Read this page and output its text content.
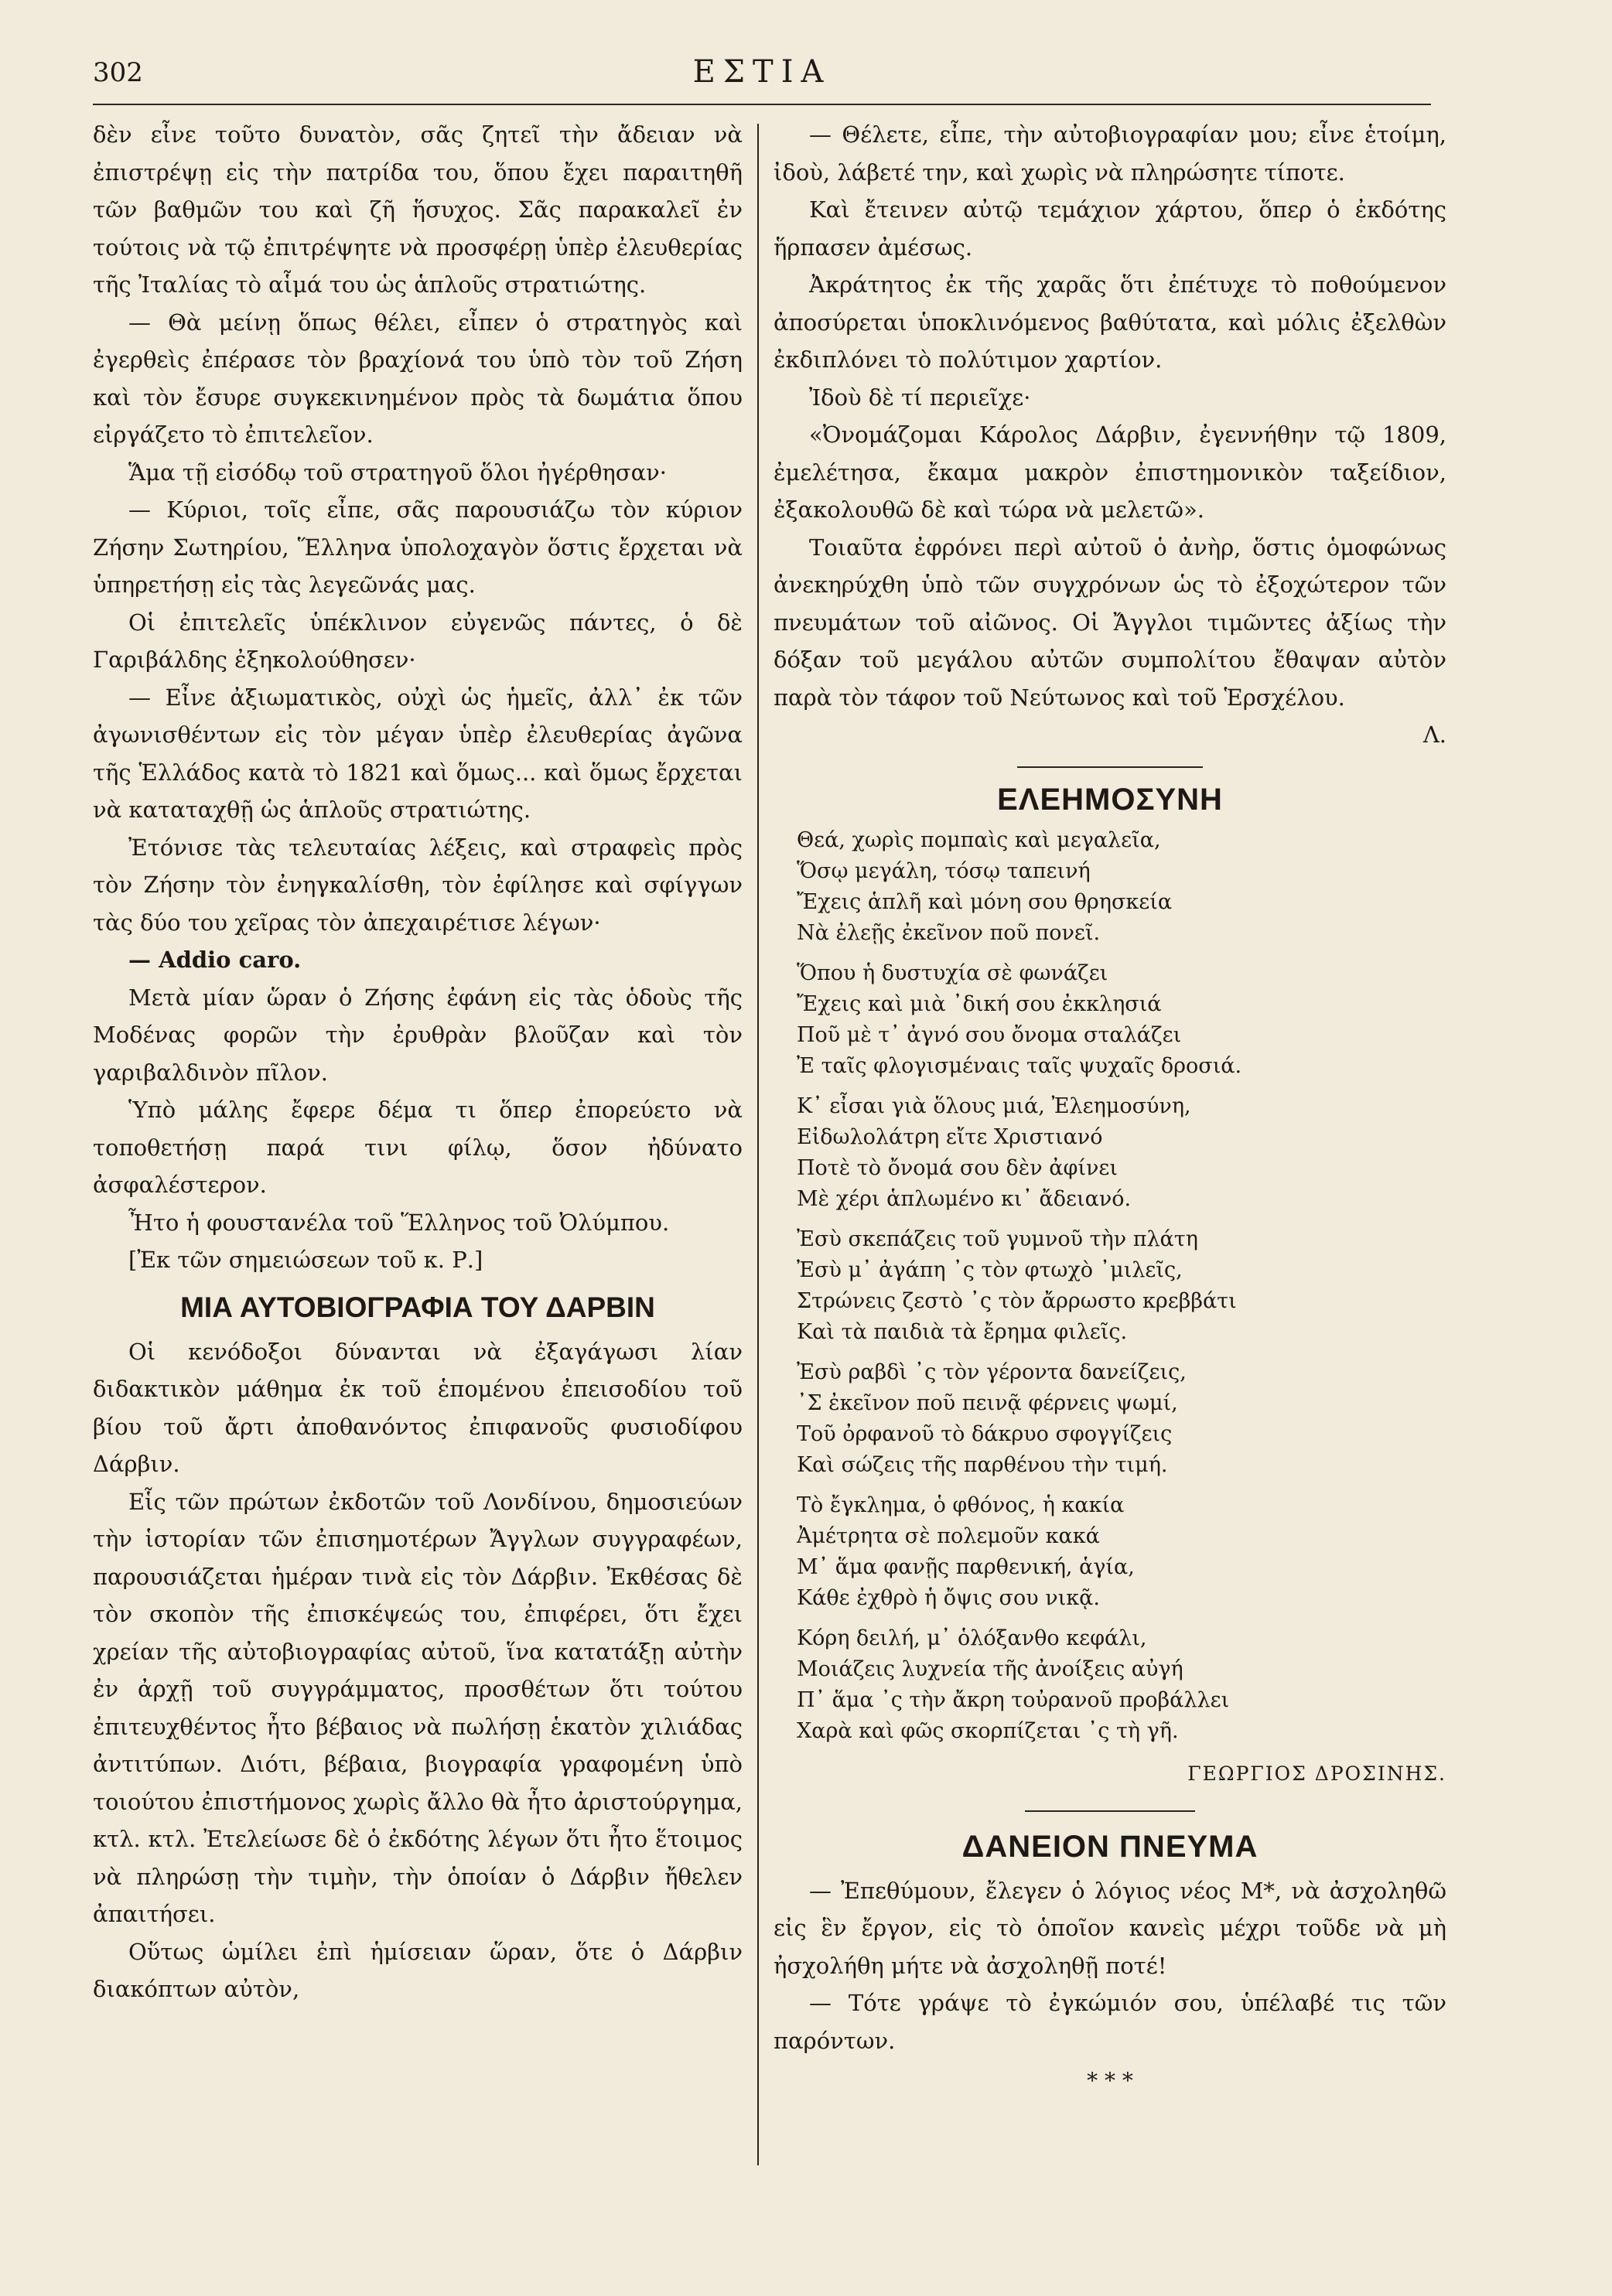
302	ΕΣΤΙΑ

δὲν εἶνε τοῦτο δυνατὸν, σᾶς ζητεῖ τὴν ἄδειαν νὰ ἐπιστρέψῃ εἰς τὴν πατρίδα του, ὅπου ἔχει παραιτηθῆ τῶν βαθμῶν του καὶ ζῆ ἥσυχος. Σᾶς παρακαλεῖ ἐν τούτοις νὰ τῷ ἐπιτρέψητε νὰ προσφέρῃ ὑπὲρ ἐλευθερίας τῆς Ἰταλίας τὸ αἷμά του ὡς ἁπλοῦς στρατιώτης.

— Θὰ μείνῃ ὅπως θέλει, εἶπεν ὁ στρατηγὸς καὶ ἐγερθεὶς ἐπέρασε τὸν βραχίονά του ὑπὸ τὸν τοῦ Ζήση καὶ τὸν ἔσυρε συγκεκινημένον πρὸς τὰ δωμάτια ὅπου εἰργάζετο τὸ ἐπιτελεῖον.

Ἅμα τῇ εἰσόδῳ τοῦ στρατηγοῦ ὅλοι ἠγέρθησαν·

— Κύριοι, τοῖς εἶπε, σᾶς παρουσιάζω τὸν κύριον Ζήσην Σωτηρίου, Ἕλληνα ὑπολοχαγὸν ὅστις ἔρχεται νὰ ὑπηρετήσῃ εἰς τὰς λεγεῶνάς μας.

Οἱ ἐπιτελεῖς ὑπέκλινον εὐγενῶς πάντες, ὁ δὲ Γαριβάλδης ἐξηκολούθησεν·

— Εἶνε ἀξιωματικὸς, οὐχὶ ὡς ἡμεῖς, ἀλλ᾽ ἐκ τῶν ἀγωνισθέντων εἰς τὸν μέγαν ὑπὲρ ἐλευθερίας ἀγῶνα τῆς Ἑλλάδος κατὰ τὸ 1821 καὶ ὅμως... καὶ ὅμως ἔρχεται νὰ καταταχθῇ ὡς ἁπλοῦς στρατιώτης.

Ἐτόνισε τὰς τελευταίας λέξεις, καὶ στραφεὶς πρὸς τὸν Ζήσην τὸν ἐνηγκαλίσθη, τὸν ἐφίλησε καὶ σφίγγων τὰς δύο του χεῖρας τὸν ἀπεχαιρέτισε λέγων·

— Addio caro.

Μετὰ μίαν ὥραν ὁ Ζήσης ἐφάνη εἰς τὰς ὁδοὺς τῆς Μοδένας φορῶν τὴν ἐρυθρὰν βλοῦζαν καὶ τὸν γαριβαλδινὸν πῖλον.

Ὑπὸ μάλης ἔφερε δέμα τι ὅπερ ἐπορεύετο νὰ τοποθετήσῃ παρά τινι φίλῳ, ὅσον ἠδύνατο ἀσφαλέστερον.

Ἦτο ἡ φουστανέλα τοῦ Ἕλληνος τοῦ Ὀλύμπου.

[Ἐκ τῶν σημειώσεων τοῦ κ. Ρ.]

ΜΙΑ ΑΥΤΟΒΙΟΓΡΑΦΙΑ ΤΟΥ ΔΑΡΒΙΝ

Οἱ κενόδοξοι δύνανται νὰ ἐξαγάγωσι λίαν διδακτικὸν μάθημα ἐκ τοῦ ἑπομένου ἐπεισοδίου τοῦ βίου τοῦ ἄρτι ἀποθανόντος ἐπιφανοῦς φυσιοδίφου Δάρβιν.

Εἷς τῶν πρώτων ἐκδοτῶν τοῦ Λονδίνου, δημοσιεύων τὴν ἱστορίαν τῶν ἐπισημοτέρων Ἄγγλων συγγραφέων, παρουσιάζεται ἡμέραν τινὰ εἰς τὸν Δάρβιν. Ἐκθέσας δὲ τὸν σκοπὸν τῆς ἐπισκέψεώς του, ἐπιφέρει, ὅτι ἔχει χρείαν τῆς αὐτοβιογραφίας αὐτοῦ, ἵνα κατατάξῃ αὐτὴν ἐν ἀρχῇ τοῦ συγγράμματος, προσθέτων ὅτι τούτου ἐπιτευχθέντος ἦτο βέβαιος νὰ πωλήσῃ ἑκατὸν χιλιάδας ἀντιτύπων. Διότι, βέβαια, βιογραφία γραφομένη ὑπὸ τοιούτου ἐπιστήμονος χωρὶς ἄλλο θὰ ἦτο ἀριστούργημα, κτλ. κτλ. Ἐτελείωσε δὲ ὁ ἐκδότης λέγων ὅτι ἦτο ἕτοιμος νὰ πληρώσῃ τὴν τιμὴν, τὴν ὁποίαν ὁ Δάρβιν ἤθελεν ἀπαιτήσει.

Οὕτως ὡμίλει ἐπὶ ἡμίσειαν ὥραν, ὅτε ὁ Δάρβιν διακόπτων αὐτὸν,

— Θέλετε, εἶπε, τὴν αὐτοβιογραφίαν μου; εἶνε ἑτοίμη, ἰδοὺ, λάβετέ την, καὶ χωρὶς νὰ πληρώσητε τίποτε.

Καὶ ἔτεινεν αὐτῷ τεμάχιον χάρτου, ὅπερ ὁ ἐκδότης ἥρπασεν ἀμέσως.

Ἀκράτητος ἐκ τῆς χαρᾶς ὅτι ἐπέτυχε τὸ ποθούμενον ἀποσύρεται ὑποκλινόμενος βαθύτατα, καὶ μόλις ἐξελθὼν ἐκδιπλόνει τὸ πολύτιμον χαρτίον.

Ἰδοὺ δὲ τί περιεῖχε·

«Ὀνομάζομαι Κάρολος Δάρβιν, ἐγεννήθην τῷ 1809, ἐμελέτησα, ἔκαμα μακρὸν ἐπιστημονικὸν ταξείδιον, ἐξακολουθῶ δὲ καὶ τώρα νὰ μελετῶ».

Τοιαῦτα ἐφρόνει περὶ αὐτοῦ ὁ ἀνὴρ, ὅστις ὁμοφώνως ἀνεκηρύχθη ὑπὸ τῶν συγχρόνων ὡς τὸ ἐξοχώτερον τῶν πνευμάτων τοῦ αἰῶνος. Οἱ Ἄγγλοι τιμῶντες ἀξίως τὴν δόξαν τοῦ μεγάλου αὐτῶν συμπολίτου ἔθαψαν αὐτὸν παρὰ τὸν τάφον τοῦ Νεύτωνος καὶ τοῦ Ἑρσχέλου.

Λ.

ΕΛΕΗΜΟΣΥΝΗ
Θεά, χωρὶς πομπαὶς καὶ μεγαλεῖα,
Ὅσῳ μεγάλη, τόσῳ ταπεινή
Ἔχεις ἁπλῆ καὶ μόνη σου θρησκεία
Νὰ ἐλεῇς ἐκεῖνον ποῦ πονεῖ.
Ὅπου ἡ δυστυχία σὲ φωνάζει
Ἔχεις καὶ μιὰ ᾽δική σου ἐκκλησιά
Ποῦ μὲ τ᾽ ἀγνό σου ὄνομα σταλάζει
Ἐ ταῖς φλογισμέναις ταῖς ψυχαῖς δροσιά.
Κ᾽ εἶσαι γιὰ ὅλους μιά, Ἐλεημοσύνη,
Εἰδωλολάτρη εἴτε Χριστιανό
Ποτὲ τὸ ὄνομά σου δὲν ἀφίνει
Μὲ χέρι ἁπλωμένο κι᾽ ἄδειανό.
Ἐσὺ σκεπάζεις τοῦ γυμνοῦ τὴν πλάτη
Ἐσὺ μ᾽ ἀγάπη ᾽ς τὸν φτωχὸ ᾽μιλεῖς,
Στρώνεις ζεστὸ ᾽ς τὸν ἄρρωστο κρεββάτι
Καὶ τὰ παιδιὰ τὰ ἔρημα φιλεῖς.
Ἐσὺ ραβδὶ ᾽ς τὸν γέροντα δανείζεις,
᾽Σ ἐκεῖνον ποῦ πεινᾷ φέρνεις ψωμί,
Τοῦ ὀρφανοῦ τὸ δάκρυο σφογγίζεις
Καὶ σώζεις τῆς παρθένου τὴν τιμή.
Τὸ ἔγκλημα, ὁ φθόνος, ἡ κακία
Ἀμέτρητα σὲ πολεμοῦν κακά
Μ᾽ ἅμα φανῇς παρθενική, ἁγία,
Κάθε ἐχθρὸ ἡ ὄψις σου νικᾷ.
Κόρη δειλή, μ᾽ ὁλόξανθο κεφάλι,
Μοιάζεις λυχνεία τῆς ἀνοίξεις αὐγή
Π᾽ ἅμα ᾽ς τὴν ἄκρη τοὐρανοῦ προβάλλει
Χαρὰ καὶ φῶς σκορπίζεται ᾽ς τὴ γῆ.
ΓΕΩΡΓΙΟΣ ΔΡΟΣΙΝΗΣ.
ΔΑΝΕΙΟΝ ΠΝΕΥΜΑ

— Ἐπεθύμουν, ἔλεγεν ὁ λόγιος νέος Μ*, νὰ ἀσχοληθῶ εἰς ἓν ἔργον, εἰς τὸ ὁποῖον κανεὶς μέχρι τοῦδε νὰ μὴ ἠσχολήθη μήτε νὰ ἀσχοληθῇ ποτέ!

— Τότε γράψε τὸ ἐγκώμιόν σου, ὑπέλαβέ τις τῶν παρόντων.

* * *
